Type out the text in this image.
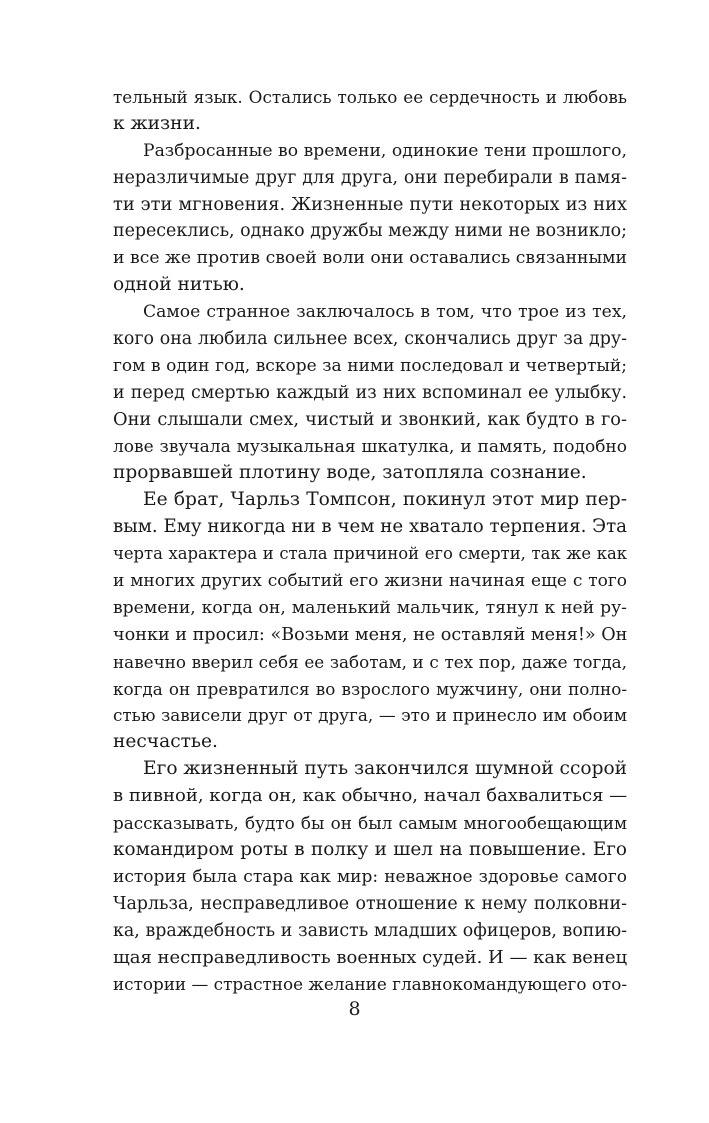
тельный язык. Остались только ее сердечность и любовь
к жизни.
Разбросанные во времени, одинокие тени прошлого,
неразличимые друг для друга, они перебирали в памя-
ти эти мгновения. Жизненные пути некоторых из них
пересеклись, однако дружбы между ними не возникло;
и все же против своей воли они оставались связанными
одной нитью.
Самое странное заключалось в том, что трое из тех,
кого она любила сильнее всех, скончались друг за дру-
гом в один год, вскоре за ними последовал и четвертый;
и перед смертью каждый из них вспоминал ее улыбку.
Они слышали смех, чистый и звонкий, как будто в го-
лове звучала музыкальная шкатулка, и память, подобно
прорвавшей плотину воде, затопляла сознание.
Ее брат, Чарльз Томпсон, покинул этот мир пер-
вым. Ему никогда ни в чем не хватало терпения. Эта
черта характера и стала причиной его смерти, так же как
и многих других событий его жизни начиная еще с того
времени, когда он, маленький мальчик, тянул к ней ру-
чонки и просил: «Возьми меня, не оставляй меня!» Он
навечно вверил себя ее заботам, и с тех пор, даже тогда,
когда он превратился во взрослого мужчину, они полно-
стью зависели друг от друга, — это и принесло им обоим
несчастье.
Его жизненный путь закончился шумной ссорой
в пивной, когда он, как обычно, начал бахвалиться —
рассказывать, будто бы он был самым многообещающим
командиром роты в полку и шел на повышение. Его
история была стара как мир: неважное здоровье самого
Чарльза, несправедливое отношение к нему полковни-
ка, враждебность и зависть младших офицеров, вопию-
щая несправедливость военных судей. И — как венец
истории — страстное желание главнокомандующего ото-
8
